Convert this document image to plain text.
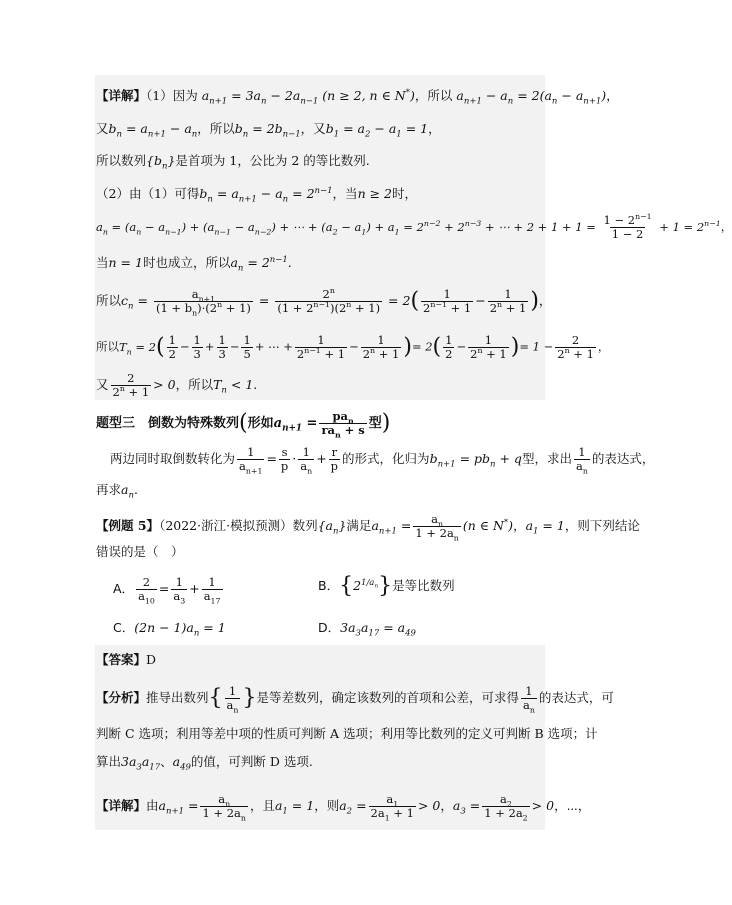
【详解】（1）因为 $a_{n+1} = 3a_n - 2a_{n-1}$ (n ≥ 2, n ∈ N*)，所以 $a_{n+1} - a_n = 2(a_n - a_{n+1})$，
又$b_n = a_{n+1} - a_n$，所以$b_n = 2b_{n-1}$，又$b_1 = a_2 - a_1 = 1$，
所以数列$\{b_n\}$是首项为 1，公比为 2 的等比数列.
（2）由（1）可得$b_n = a_{n+1} - a_n = 2^{n-1}$，当n ≥ 2时，
$a_n = (a_n - a_{n-1}) + (a_{n-1} - a_{n-2})$ + ⋯ + $(a_2 - a_1) + a_1 = 2^{n-2} + 2^{n-3}$ + ⋯ + $2 + 1 + 1 = \frac{1 - 2^{n-1}}{1 - 2} + 1 = 2^{n-1}$，
当n = 1时也成立，所以$a_n = 2^{n-1}$.
所以$c_n = \frac{a_{n+1}}{(1 + b_n)\cdot(2^n + 1)} = \frac{2^n}{(1 + 2^{n-1})(2^n + 1)} = 2( \frac{1}{2^{n-1} + 1} - \frac{1}{2^n + 1}$ )，
所以$T_n = 2( \frac{1}{2} - \frac{1}{3} + \frac{1}{3} - \frac{1}{5}$ + ⋯ + $\frac{1}{2^{n-1} + 1} - \frac{1}{2^n + 1}$ )= $2( \frac{1}{2} - \frac{1}{2^n + 1}$ )= $1 - \frac{2}{2^n + 1}$ ，
又 $\frac{2}{2^n + 1} > 0$，所以$T_n < 1$.
题型三　倒数为特殊数列(形如$a_{n+1} = \frac{pa_n}{ra_n + s}$ 型)
两边同时取倒数转化为 $\frac{1}{a_{n+1}} = \frac{s}{p} \cdot \frac{1}{a_n} + \frac{r}{p}$ 的形式，化归为$b_{n+1} = pb_n + q$型，求出 $\frac{1}{a_n}$ 的表达式，
再求$a_n$.
【例题 5】（2022·浙江·模拟预测）数列$\{a_n\}$满足$a_{n+1} = \frac{a_n}{1 + 2a_n} (n$ ∈ N*)，$a_1 = 1$，则下列结论
错误的是（　）
A． $\frac{2}{a_{10}} = \frac{1}{a_3} + \frac{1}{a_{17}}$	B．$\{2^{1/a_n}\}$是等比数列
C．$(2n - 1)a_n = 1$	D．$3a_3a_{17} = a_{49}$
【答案】D
【分析】推导出数列{ $\frac{1}{a_n}$ }是等差数列，确定该数列的首项和公差，可求得 $\frac{1}{a_n}$ 的表达式，可
判断 C 选项；利用等差中项的性质可判断 A 选项；利用等比数列的定义可判断 B 选项；计
算出$3a_3a_{17}$、$a_{49}$的值，可判断 D 选项.
【详解】由$a_{n+1} = \frac{a_n}{1 + 2a_n}$ ，且$a_1 = 1$，则$a_2 = \frac{a_1}{2a_1 + 1} > 0$，$a_3 = \frac{a_2}{1 + 2a_2} > 0$，⋯，
